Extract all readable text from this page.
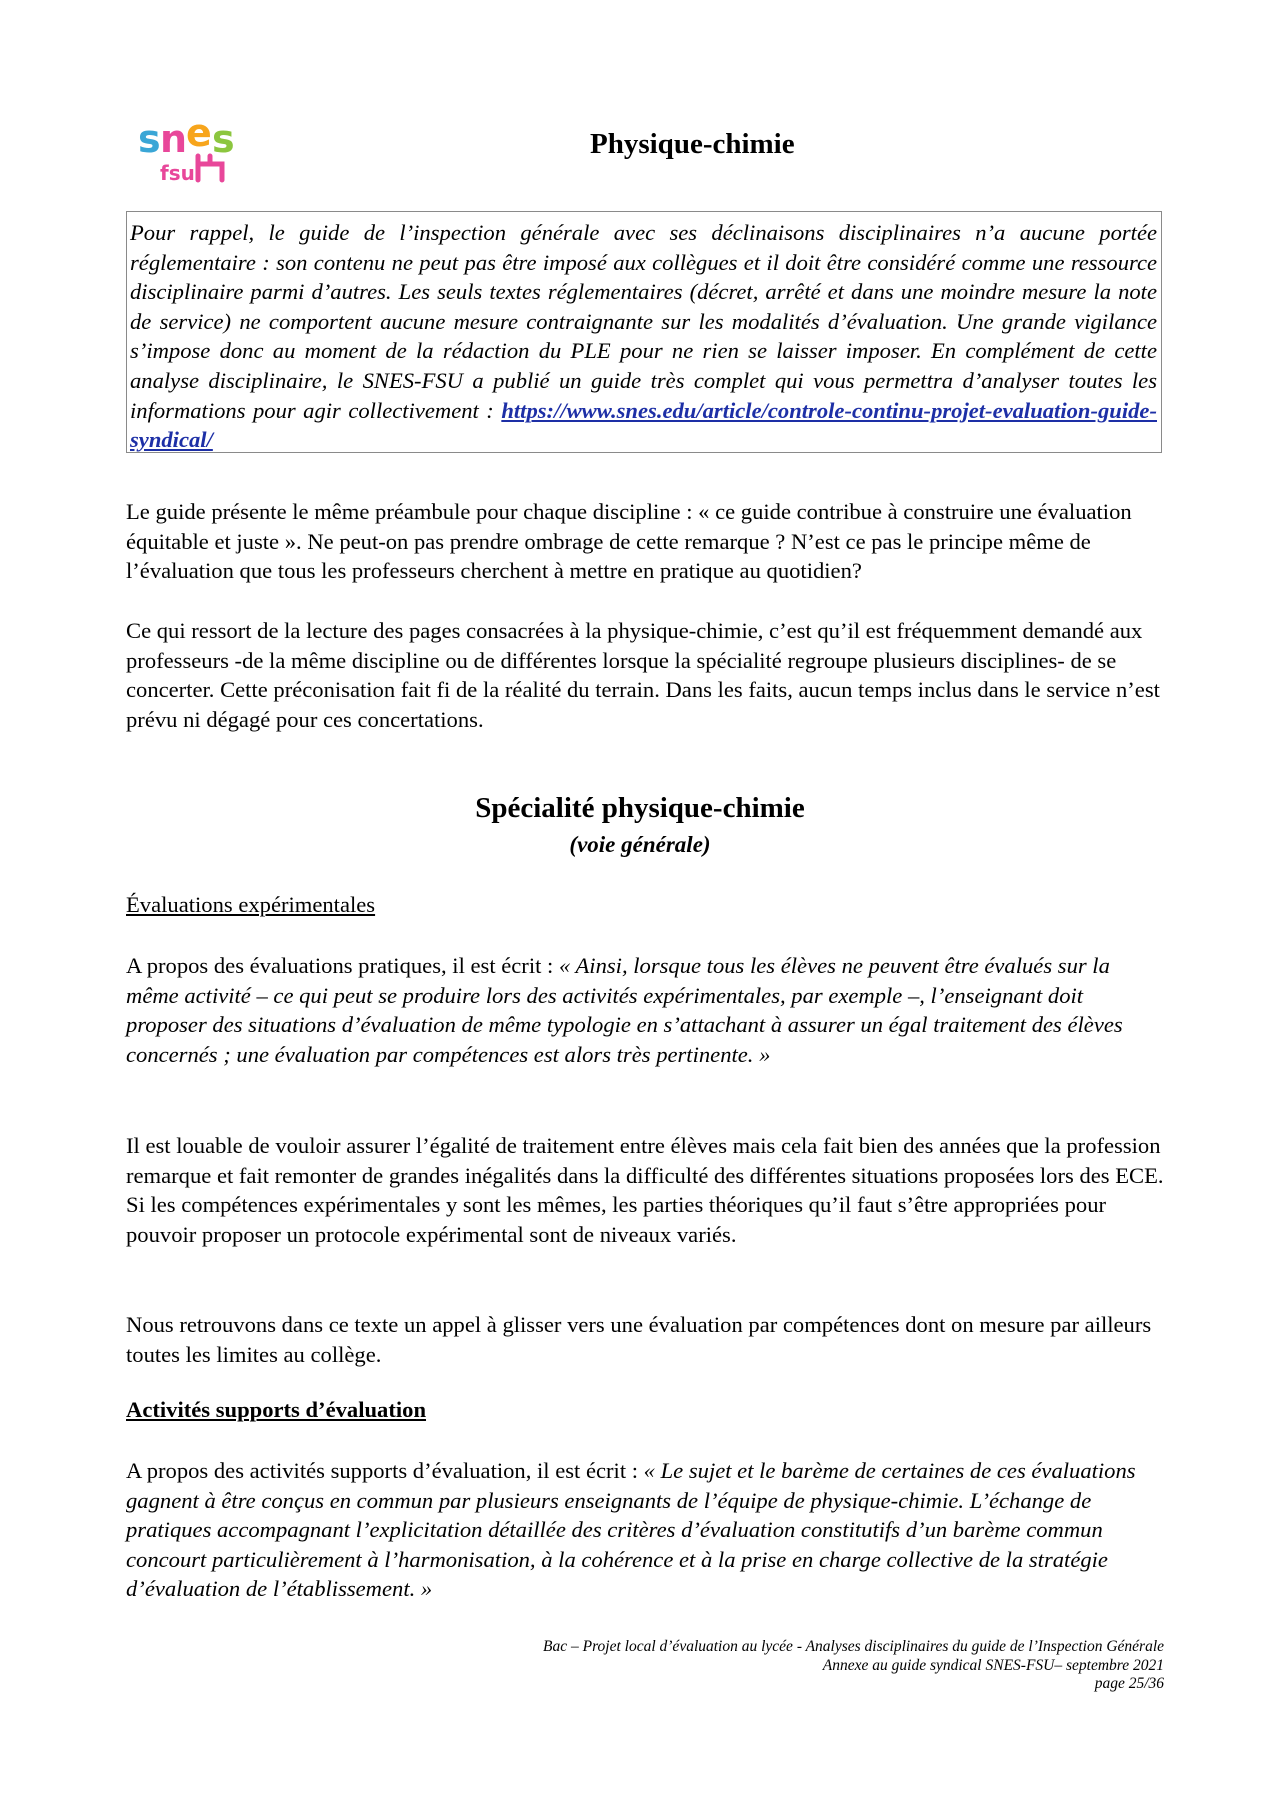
s n
e s
fsu
Physique-chimie
Pour rappel, le guide de l’inspection générale avec ses déclinaisons disciplinaires n’a aucune portée réglementaire : son contenu ne peut pas être imposé aux collègues et il doit être considéré comme une ressource disciplinaire parmi d’autres. Les seuls textes réglementaires (décret, arrêté et dans une moindre mesure la note de service) ne comportent aucune mesure contraignante sur les modalités d’évaluation. Une grande vigilance s’impose donc au moment de la rédaction du PLE pour ne rien se laisser imposer. En complément de cette analyse disciplinaire, le SNES-FSU a publié un guide très complet qui vous permettra d’analyser toutes les informations pour agir collectivement : https://www.snes.edu/article/controle-continu-projet-evaluation-guide-syndical/

Le guide présente le même préambule pour chaque discipline : « ce guide contribue à construire une évaluation équitable et juste ». Ne peut-on pas prendre ombrage de cette remarque ? N’est ce pas le principe même de l’évaluation que tous les professeurs cherchent à mettre en pratique au quotidien?

Ce qui ressort de la lecture des pages consacrées à la physique-chimie, c’est qu’il est fréquemment demandé aux professeurs -de la même discipline ou de différentes lorsque la spécialité regroupe plusieurs disciplines- de se concerter. Cette préconisation fait fi de la réalité du terrain. Dans les faits, aucun temps inclus dans le service n’est prévu ni dégagé pour ces concertations.

Spécialité physique-chimie

(voie générale)

Évaluations expérimentales

A propos des évaluations pratiques, il est écrit : « Ainsi, lorsque tous les élèves ne peuvent être évalués sur la même activité – ce qui peut se produire lors des activités expérimentales, par exemple –, l’enseignant doit proposer des situations d’évaluation de même typologie en s’attachant à assurer un égal traitement des élèves concernés ; une évaluation par compétences est alors très pertinente. »

Il est louable de vouloir assurer l’égalité de traitement entre élèves mais cela fait bien des années que la profession remarque et fait remonter de grandes inégalités dans la difficulté des différentes situations proposées lors des ECE. Si les compétences expérimentales y sont les mêmes, les parties théoriques qu’il faut s’être appropriées pour pouvoir proposer un protocole expérimental sont de niveaux variés.

Nous retrouvons dans ce texte un appel à glisser vers une évaluation par compétences dont on mesure par ailleurs toutes les limites au collège.

Activités supports d’évaluation

A propos des activités supports d’évaluation, il est écrit : « Le sujet et le barème de certaines de ces évaluations gagnent à être conçus en commun par plusieurs enseignants de l’équipe de physique-chimie. L’échange de pratiques accompagnant l’explicitation détaillée des critères d’évaluation constitutifs d’un barème commun concourt particulièrement à l’harmonisation, à la cohérence et à la prise en charge collective de la stratégie d’évaluation de l’établissement. »

Bac – Projet local d’évaluation au lycée - Analyses disciplinaires du guide de l’Inspection Générale
Annexe au guide syndical SNES-FSU– septembre 2021
page 25/36
